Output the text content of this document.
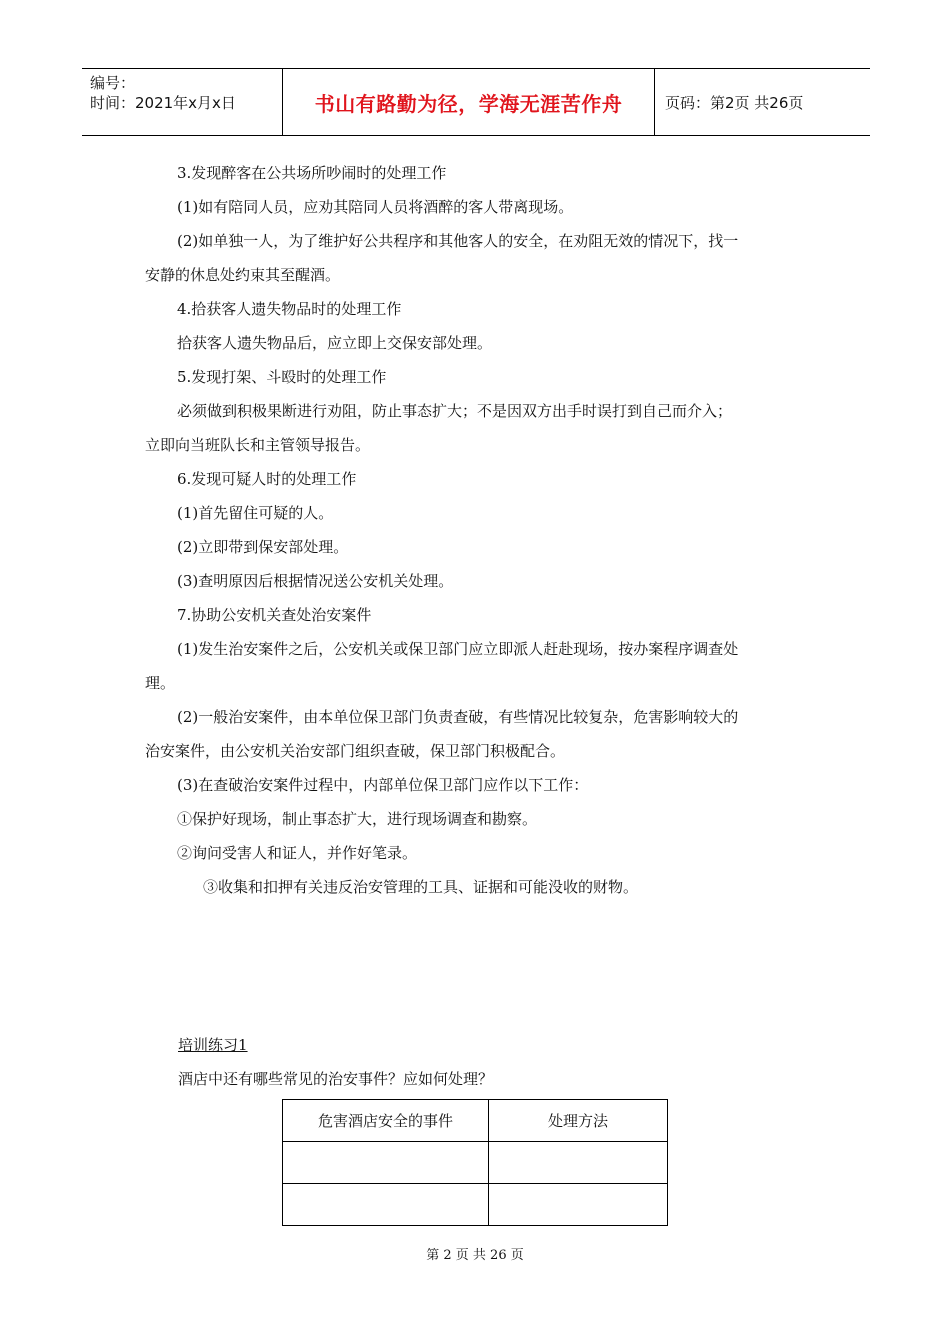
编号：
时间：2021年x月x日	书山有路勤为径，学海无涯苦作舟	页码：第2页 共26页

3.发现醉客在公共场所吵闹时的处理工作

(1)如有陪同人员，应劝其陪同人员将酒醉的客人带离现场。

(2)如单独一人，为了维护好公共程序和其他客人的安全，在劝阻无效的情况下，找一

安静的休息处约束其至醒酒。

4.拾获客人遗失物品时的处理工作

拾获客人遗失物品后，应立即上交保安部处理。

5.发现打架、斗殴时的处理工作

必须做到积极果断进行劝阻，防止事态扩大；不是因双方出手时误打到自己而介入；

立即向当班队长和主管领导报告。

6.发现可疑人时的处理工作

(1)首先留住可疑的人。

(2)立即带到保安部处理。

(3)查明原因后根据情况送公安机关处理。

7.协助公安机关查处治安案件

(1)发生治安案件之后，公安机关或保卫部门应立即派人赶赴现场，按办案程序调查处

理。

(2)一般治安案件，由本单位保卫部门负责查破，有些情况比较复杂，危害影响较大的

治安案件，由公安机关治安部门组织查破，保卫部门积极配合。

(3)在查破治安案件过程中，内部单位保卫部门应作以下工作：

①保护好现场，制止事态扩大，进行现场调查和勘察。

②询问受害人和证人，并作好笔录。

③收集和扣押有关违反治安管理的工具、证据和可能没收的财物。

培训练习1
酒店中还有哪些常见的治安事件？应如何处理？
危害酒店安全的事件	处理方法

第 2 页 共 26 页
